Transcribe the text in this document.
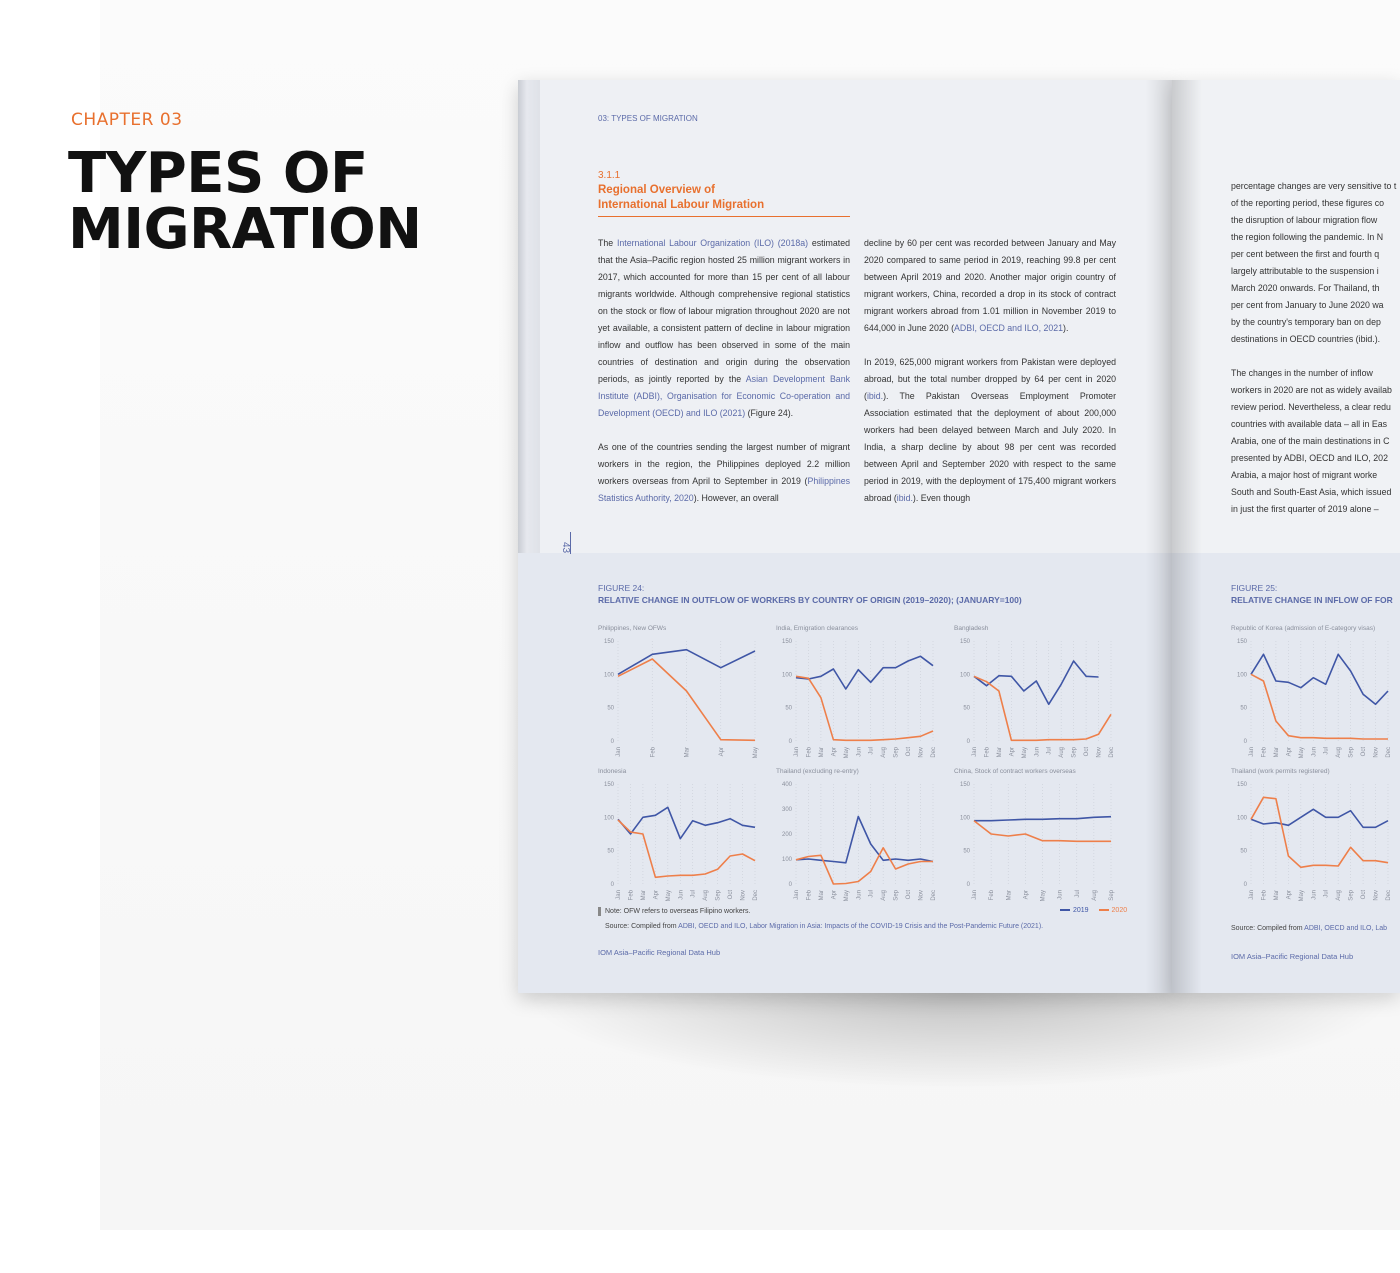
CHAPTER 03
TYPES OF
MIGRATION
03: TYPES OF MIGRATION
3.1.1
Regional Overview of
International Labour Migration

The International Labour Organization (ILO) (2018a) estimated that the Asia–Pacific region hosted 25 million migrant workers in 2017, which accounted for more than 15 per cent of all labour migrants worldwide. Although comprehensive regional statistics on the stock or flow of labour migration throughout 2020 are not yet available, a consistent pattern of decline in labour migration inflow and outflow has been observed in some of the main countries of destination and origin during the observation periods, as jointly reported by the Asian Development Bank Institute (ADBI), Organisation for Economic Co-operation and Development (OECD) and ILO (2021) (Figure 24).

As one of the countries sending the largest number of migrant workers in the region, the Philippines deployed 2.2 million workers overseas from April to September in 2019 (Philippines Statistics Authority, 2020). However, an overall

decline by 60 per cent was recorded between January and May 2020 compared to same period in 2019, reaching 99.8 per cent between April 2019 and 2020. Another major origin country of migrant workers, China, recorded a drop in its stock of contract migrant workers abroad from 1.01 million in November 2019 to 644,000 in June 2020 (ADBI, OECD and ILO, 2021).

In 2019, 625,000 migrant workers from Pakistan were deployed abroad, but the total number dropped by 64 per cent in 2020 (ibid.). The Pakistan Overseas Employment Promoter Association estimated that the deployment of about 200,000 workers had been delayed between March and July 2020. In India, a sharp decline by about 98 per cent was recorded between April and September 2020 with respect to the same period in 2019, with the deployment of 175,400 migrant workers abroad (ibid.). Even though

43
FIGURE 24:
RELATIVE CHANGE IN OUTFLOW OF WORKERS BY COUNTRY OF ORIGIN (2019–2020); (JANUARY=100)
Philippines, New OFWs
0
50
100
150
Jan	Feb	Mar	Apr	May
India, Emigration clearances
0
50
100
150
Jan Feb Mar Apr May Jun Jul Aug Sep Oct Nov Dec
Bangladesh
0
50
100
150
Jan Feb Mar Apr May Jun Jul Aug Sep Oct Nov Dec
Indonesia
0
50
100
150
Jan Feb Mar Apr May Jun Jul Aug Sep Oct Nov Dec
Thailand (excluding re-entry)
0
100
200
300
400
Jan Feb Mar Apr May Jun Jul Aug Sep Oct Nov Dec
China, Stock of contract workers overseas
0
50
100
150
Jan Feb Mar Apr May Jun Jul Aug Sep
Note: OFW refers to overseas Filipino workers.
Source: Compiled from ADBI, OECD and ILO, Labor Migration in Asia: Impacts of the COVID-19 Crisis and the Post-Pandemic Future (2021).
2019	2020
IOM Asia–Pacific Regional Data Hub
percentage changes are very sensitive to t
of the reporting period, these figures co
the disruption of labour migration flow
the region following the pandemic. In N
per cent between the first and fourth q
largely attributable to the suspension i
March 2020 onwards. For Thailand, th
per cent from January to June 2020 wa
by the country's temporary ban on dep
destinations in OECD countries (ibid.).

The changes in the number of inflow
workers in 2020 are not as widely availab
review period. Nevertheless, a clear redu
countries with available data – all in Eas
Arabia, one of the main destinations in C
presented by ADBI, OECD and ILO, 202
Arabia, a major host of migrant worke
South and South-East Asia, which issued
in just the first quarter of 2019 alone –
FIGURE 25:
RELATIVE CHANGE IN INFLOW OF FOR
Republic of Korea (admission of E-category visas)
0
50
100
150
Jan Feb Mar Apr May Jun Jul Aug Sep Oct Nov Dec
Thailand (work permits registered)
0
50
100
150
Jan Feb Mar Apr May Jun Jul Aug Sep Oct Nov Dec
Source: Compiled from ADBI, OECD and ILO, Lab
IOM Asia–Pacific Regional Data Hub
